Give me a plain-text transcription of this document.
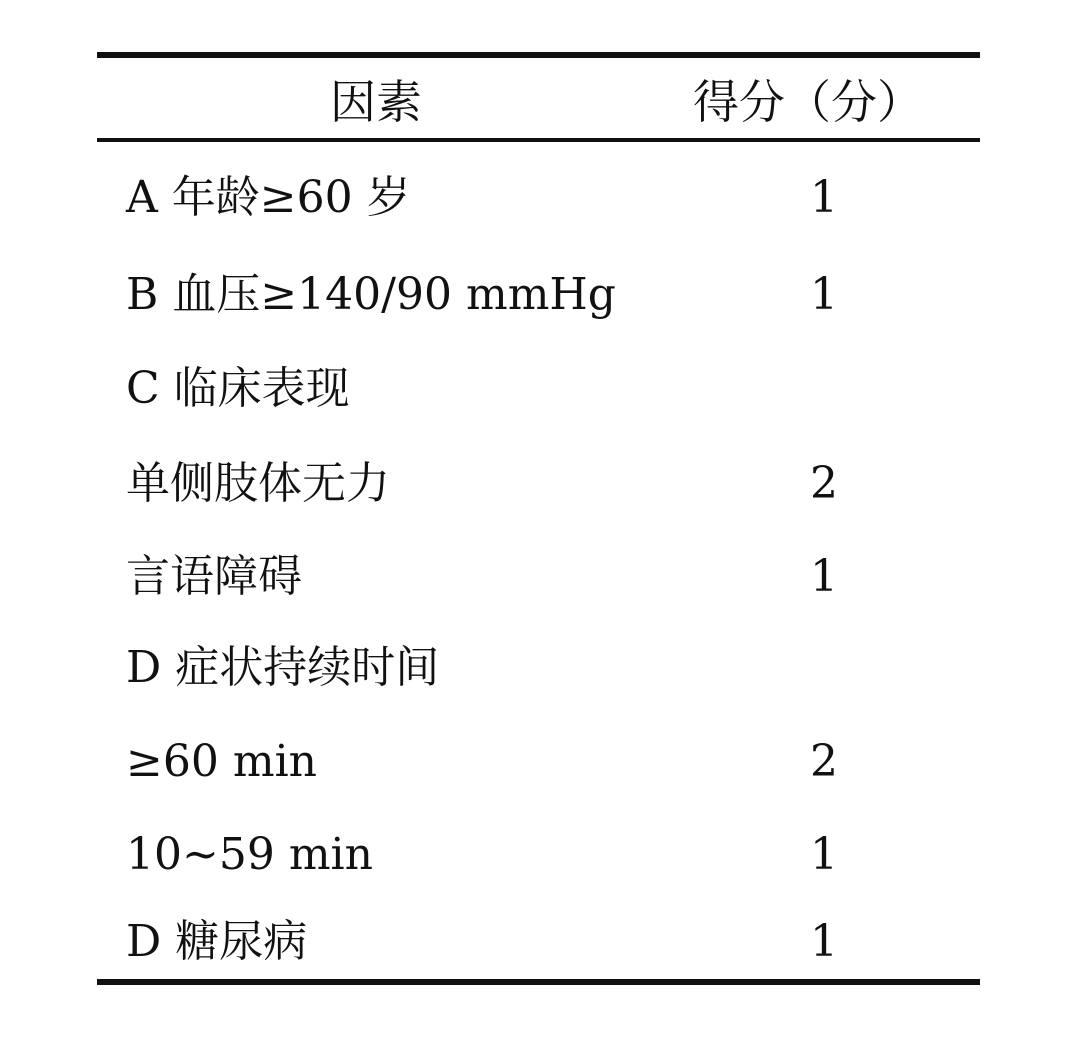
因素	得分（分）
A 年龄≥60 岁	1
B 血压≥140/90 mmHg	1
C 临床表现
单侧肢体无力	2
言语障碍	1
D 症状持续时间
≥60 min	2
10~59 min	1
D 糖尿病	1
